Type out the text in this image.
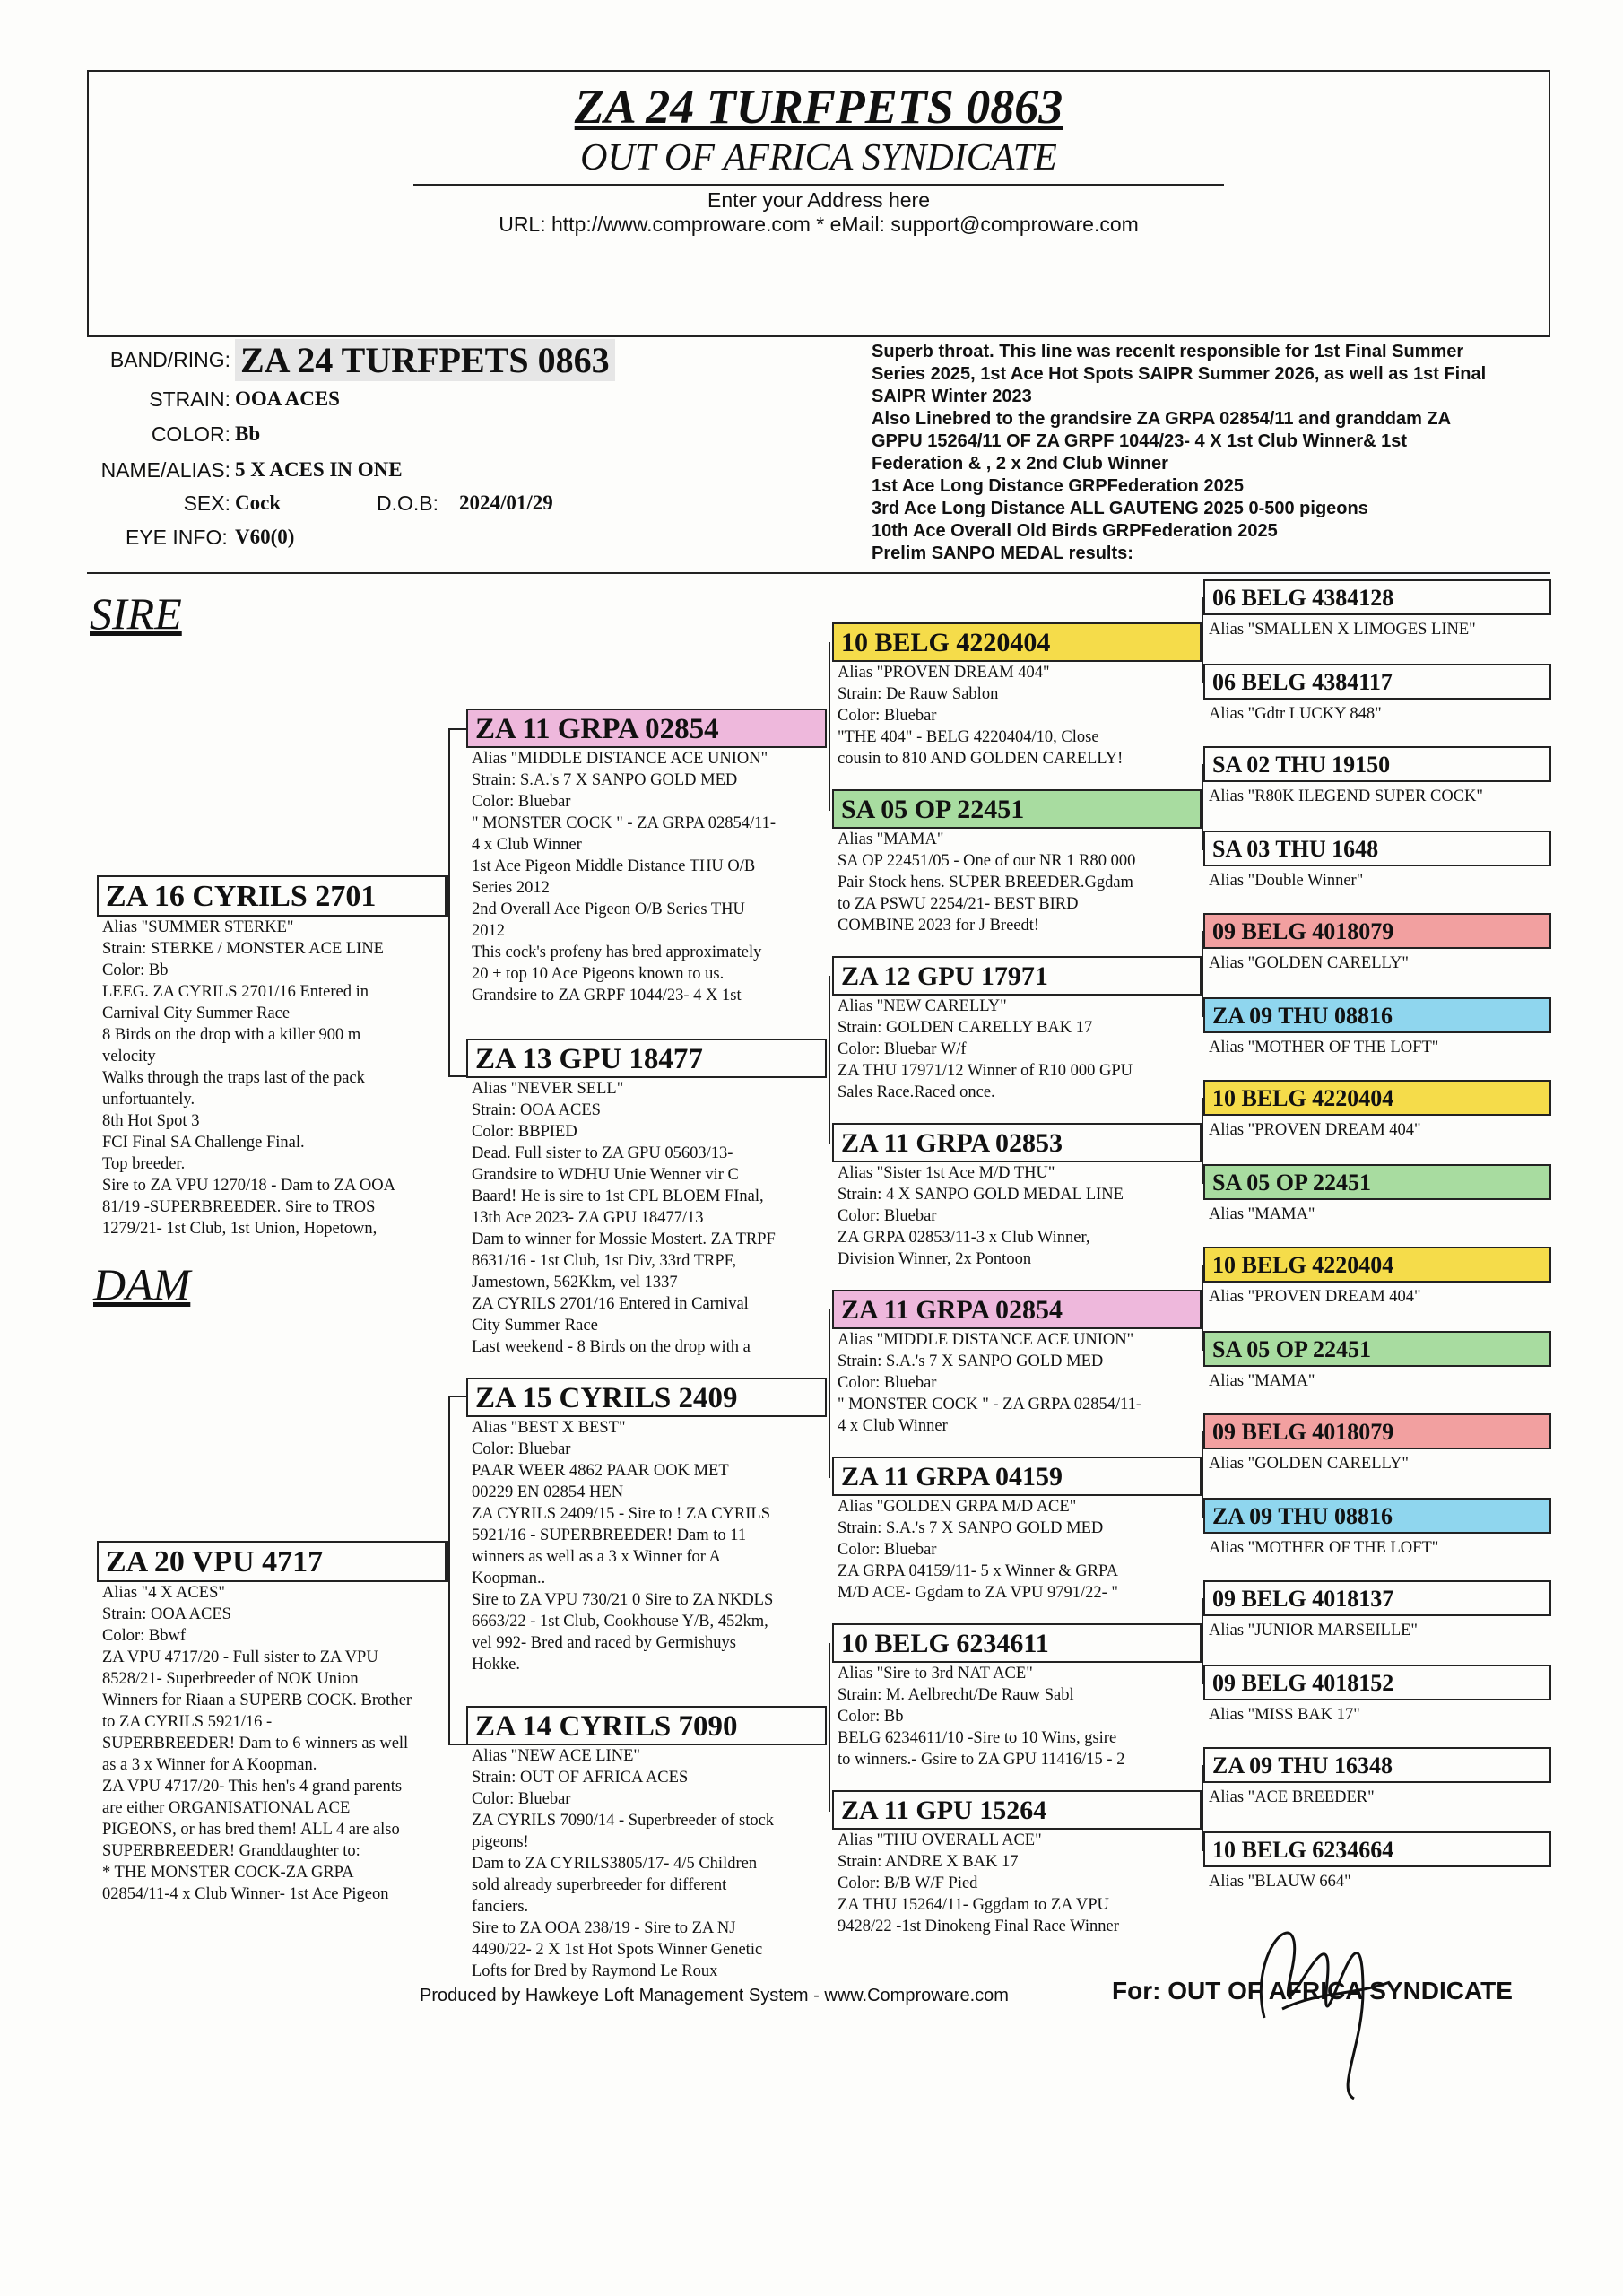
ZA 24 TURFPETS 0863
OUT OF AFRICA SYNDICATE
Enter your Address here
URL: http://www.comproware.com * eMail: support@comproware.com
BAND/RING: ZA 24 TURFPETS 0863
STRAIN: OOA ACES
COLOR: Bb
NAME/ALIAS: 5 X ACES IN ONE
SEX: Cock	D.O.B: 2024/01/29
EYE INFO: V60(0)
Superb throat. This line was recenlt responsible for 1st Final Summer
Series 2025, 1st Ace Hot Spots SAIPR Summer 2026, as well as 1st Final
SAIPR Winter 2023
Also Linebred to the grandsire ZA GRPA 02854/11 and granddam ZA
GPPU 15264/11 OF ZA GRPF 1044/23- 4 X 1st Club Winner& 1st
Federation & , 2 x 2nd Club Winner
1st Ace Long Distance GRPFederation 2025
3rd Ace Long Distance ALL GAUTENG 2025 0-500 pigeons
10th Ace Overall Old Birds GRPFederation 2025
Prelim SANPO MEDAL results:
SIRE
DAM
ZA 16 CYRILS 2701
Alias "SUMMER STERKE"
Strain: STERKE / MONSTER ACE LINE
Color: Bb
LEEG. ZA CYRILS 2701/16 Entered in
Carnival City Summer Race
8 Birds on the drop with a killer 900 m
velocity
Walks through the traps last of the pack
unfortuantely.
8th Hot Spot 3
FCI Final SA Challenge Final.
Top breeder.
Sire to ZA VPU 1270/18 - Dam to ZA OOA
81/19 -SUPERBREEDER. Sire to TROS
1279/21- 1st Club, 1st Union, Hopetown,
ZA 20 VPU 4717
Alias "4 X ACES"
Strain: OOA ACES
Color: Bbwf
ZA VPU 4717/20 - Full sister to ZA VPU
8528/21- Superbreeder of NOK Union
Winners for Riaan a SUPERB COCK. Brother
to ZA CYRILS 5921/16 -
SUPERBREEDER! Dam to 6 winners as well
as a 3 x Winner for A Koopman.
ZA VPU 4717/20- This hen's 4 grand parents
are either ORGANISATIONAL ACE
PIGEONS, or has bred them! ALL 4 are also
SUPERBREEDER! Granddaughter to:
* THE MONSTER COCK-ZA GRPA
02854/11-4 x Club Winner- 1st Ace Pigeon
ZA 11 GRPA 02854
Alias "MIDDLE DISTANCE ACE UNION"
Strain: S.A.'s 7 X SANPO GOLD MED
Color: Bluebar
" MONSTER COCK " - ZA GRPA 02854/11-
4 x Club Winner
1st Ace Pigeon Middle Distance THU O/B
Series 2012
2nd Overall Ace Pigeon O/B Series THU
2012
This cock's profeny has bred approximately
20 + top 10 Ace Pigeons known to us.
Grandsire to ZA GRPF 1044/23- 4 X 1st
ZA 13 GPU 18477
Alias "NEVER SELL"
Strain: OOA ACES
Color: BBPIED
Dead. Full sister to ZA GPU 05603/13-
Grandsire to WDHU Unie Wenner vir C
Baard! He is sire to 1st CPL BLOEM FInal,
13th Ace 2023- ZA GPU 18477/13
Dam to winner for Mossie Mostert. ZA TRPF
8631/16 - 1st Club, 1st Div, 33rd TRPF,
Jamestown, 562Kkm, vel 1337
ZA CYRILS 2701/16 Entered in Carnival
City Summer Race
Last weekend - 8 Birds on the drop with a
ZA 15 CYRILS 2409
Alias "BEST X BEST"
Color: Bluebar
PAAR WEER 4862 PAAR OOK MET
00229 EN 02854 HEN
ZA CYRILS 2409/15 - Sire to ! ZA CYRILS
5921/16 - SUPERBREEDER! Dam to 11
winners as well as a 3 x Winner for A
Koopman..
Sire to ZA VPU 730/21 0 Sire to ZA NKDLS
6663/22 - 1st Club, Cookhouse Y/B, 452km,
vel 992- Bred and raced by Germishuys
Hokke.
ZA 14 CYRILS 7090
Alias "NEW ACE LINE"
Strain: OUT OF AFRICA ACES
Color: Bluebar
ZA CYRILS 7090/14 - Superbreeder of stock
pigeons!
Dam to ZA CYRILS3805/17- 4/5 Children
sold already superbreeder for different
fanciers.
Sire to ZA OOA 238/19 - Sire to ZA NJ
4490/22- 2 X 1st Hot Spots Winner Genetic
Lofts for Bred by Raymond Le Roux
10 BELG 4220404
Alias "PROVEN DREAM 404"
Strain: De Rauw Sablon
Color: Bluebar
"THE 404" - BELG 4220404/10, Close
cousin to 810 AND GOLDEN CARELLY!
SA 05 OP 22451
Alias "MAMA"
SA OP 22451/05 - One of our NR 1 R80 000
Pair Stock hens. SUPER BREEDER.Ggdam
to ZA PSWU 2254/21- BEST BIRD
COMBINE 2023 for J Breedt!
ZA 12 GPU 17971
Alias "NEW CARELLY"
Strain: GOLDEN CARELLY BAK 17
Color: Bluebar W/f
ZA THU 17971/12 Winner of R10 000 GPU
Sales Race.Raced once.
ZA 11 GRPA 02853
Alias "Sister 1st Ace M/D THU"
Strain: 4 X SANPO GOLD MEDAL LINE
Color: Bluebar
ZA GRPA 02853/11-3 x Club Winner,
Division Winner, 2x Pontoon
ZA 11 GRPA 02854
Alias "MIDDLE DISTANCE ACE UNION"
Strain: S.A.'s 7 X SANPO GOLD MED
Color: Bluebar
" MONSTER COCK " - ZA GRPA 02854/11-
4 x Club Winner
ZA 11 GRPA 04159
Alias "GOLDEN GRPA M/D ACE"
Strain: S.A.'s 7 X SANPO GOLD MED
Color: Bluebar
ZA GRPA 04159/11- 5 x Winner & GRPA
M/D ACE- Ggdam to ZA VPU 9791/22- "
10 BELG 6234611
Alias "Sire to 3rd NAT ACE"
Strain: M. Aelbrecht/De Rauw Sabl
Color: Bb
BELG 6234611/10 -Sire to 10 Wins, gsire
to winners.- Gsire to ZA GPU 11416/15 - 2
ZA 11 GPU 15264
Alias "THU OVERALL ACE"
Strain: ANDRE X BAK 17
Color: B/B W/F Pied
ZA THU 15264/11- Gggdam to ZA VPU
9428/22 -1st Dinokeng Final Race Winner
06 BELG 4384128
Alias "SMALLEN X LIMOGES LINE"
06 BELG 4384117
Alias "Gdtr LUCKY 848"
SA 02 THU 19150
Alias "R80K ILEGEND SUPER COCK"
SA 03 THU 1648
Alias "Double Winner"
09 BELG 4018079
Alias "GOLDEN CARELLY"
ZA 09 THU 08816
Alias "MOTHER OF THE LOFT"
10 BELG 4220404
Alias "PROVEN DREAM 404"
SA 05 OP 22451
Alias "MAMA"
10 BELG 4220404
Alias "PROVEN DREAM 404"
SA 05 OP 22451
Alias "MAMA"
09 BELG 4018079
Alias "GOLDEN CARELLY"
ZA 09 THU 08816
Alias "MOTHER OF THE LOFT"
09 BELG 4018137
Alias "JUNIOR MARSEILLE"
09 BELG 4018152
Alias "MISS BAK 17"
ZA 09 THU 16348
Alias "ACE BREEDER"
10 BELG 6234664
Alias "BLAUW 664"
Produced by Hawkeye Loft Management System - www.Comproware.com	For: OUT OF AFRICA SYNDICATE
